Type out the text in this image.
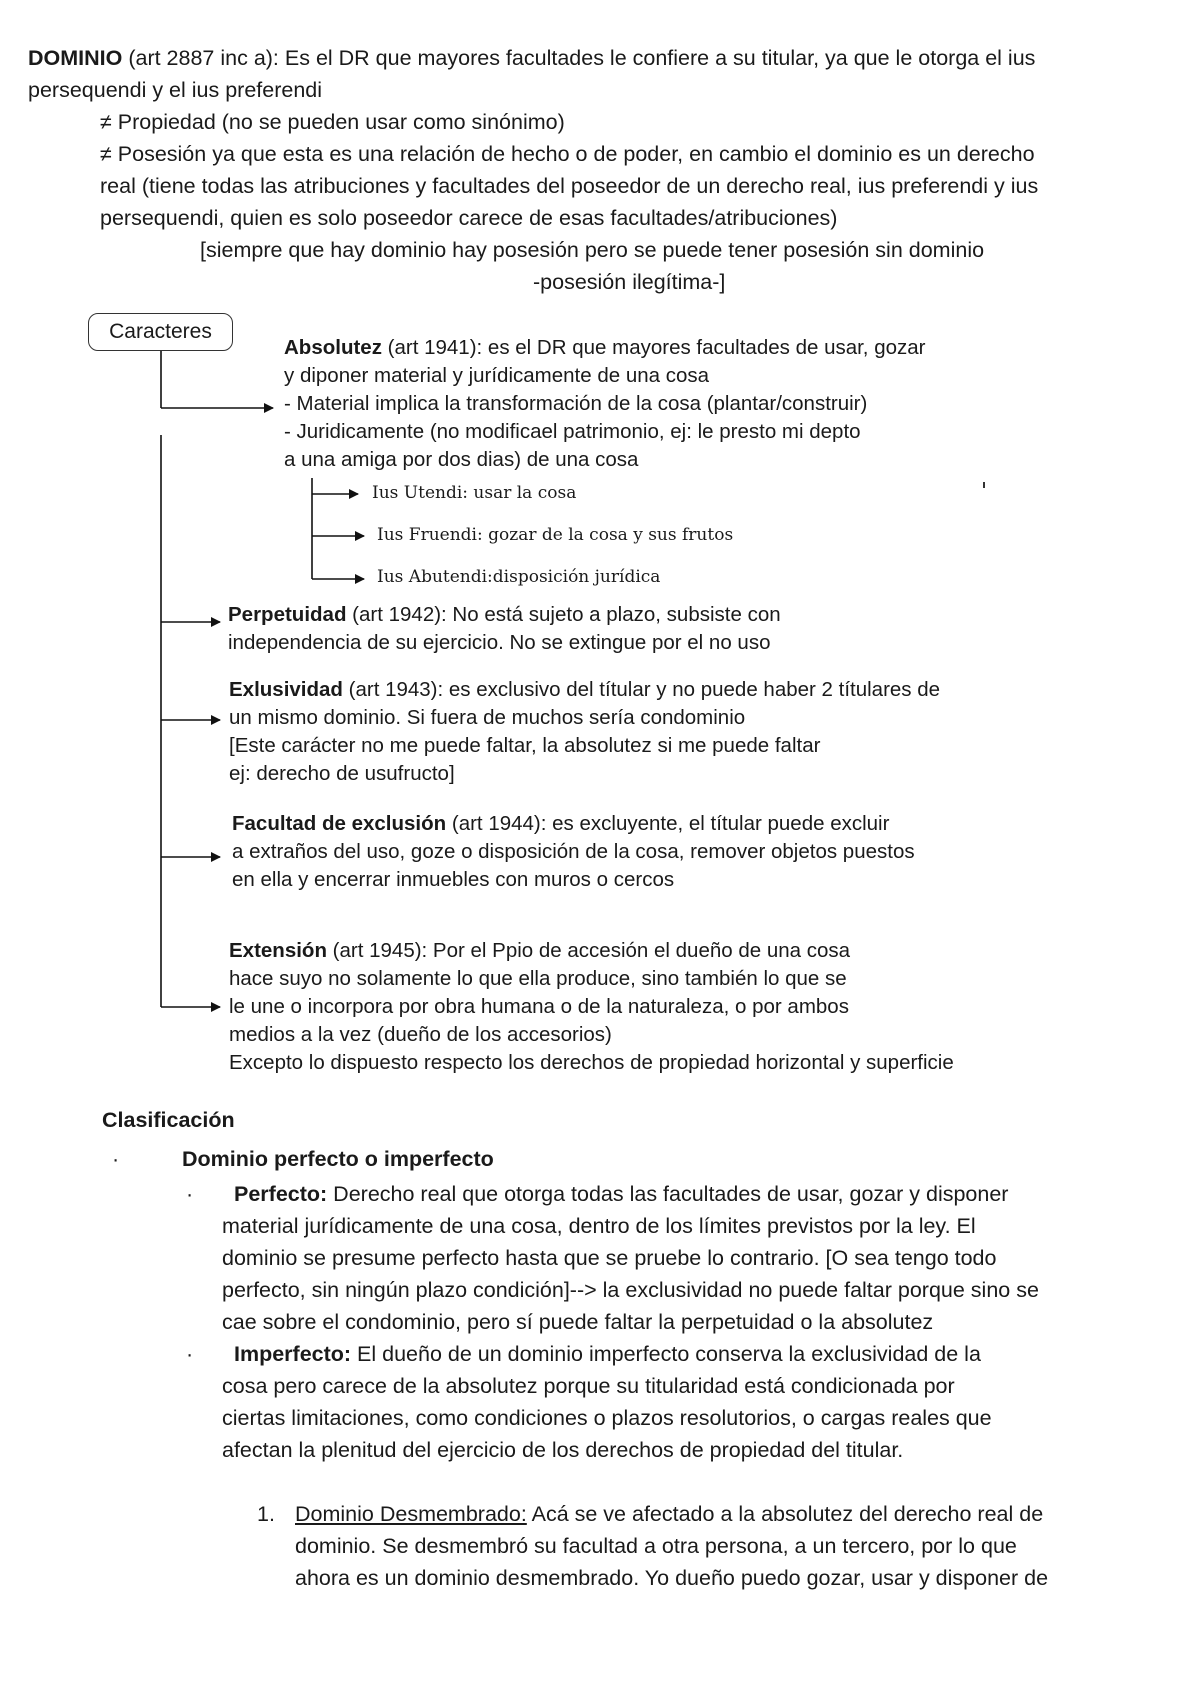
DOMINIO (art 2887 inc a): Es el DR que mayores facultades le confiere a su titular, ya que le otorga el ius
persequendi y el ius preferendi
≠ Propiedad (no se pueden usar como sinónimo)
≠ Posesión ya que esta es una relación de hecho o de poder, en cambio el dominio es un derecho
real (tiene todas las atribuciones y facultades del poseedor de un derecho real, ius preferendi y ius
persequendi, quien es solo poseedor carece de esas facultades/atribuciones)
[siempre que hay dominio hay posesión pero se puede tener posesión sin dominio
-posesión ilegítima-]
Caracteres
Absolutez (art 1941): es el DR que mayores facultades de usar, gozar
y diponer material y jurídicamente de una cosa
- Material implica la transformación de la cosa (plantar/construir)
- Juridicamente (no modificael patrimonio, ej: le presto mi depto
a una amiga por dos dias) de una cosa
Ius Utendi: usar la cosa
Ius Fruendi: gozar de la cosa y sus frutos
Ius Abutendi:disposición jurídica
Perpetuidad (art 1942): No está sujeto a plazo, subsiste con
independencia de su ejercicio. No se extingue por el no uso
Exlusividad (art 1943): es exclusivo del títular y no puede haber 2 títulares de
un mismo dominio. Si fuera de muchos sería condominio
[Este carácter no me puede faltar, la absolutez si me puede faltar
ej: derecho de usufructo]
Facultad de exclusión (art 1944): es excluyente, el títular puede excluir
a extraños del uso, goze o disposición de la cosa, remover objetos puestos
en ella y encerrar inmuebles con muros o cercos
Extensión (art 1945): Por el Ppio de accesión el dueño de una cosa
hace suyo no solamente lo que ella produce, sino también lo que se
le une o incorpora por obra humana o de la naturaleza, o por ambos
medios a la vez (dueño de los accesorios)
Excepto lo dispuesto respecto los derechos de propiedad horizontal y superficie
Clasificación
·	Dominio perfecto o imperfecto
· Perfecto: Derecho real que otorga todas las facultades de usar, gozar y disponer
material jurídicamente de una cosa, dentro de los límites previstos por la ley. El
dominio se presume perfecto hasta que se pruebe lo contrario. [O sea tengo todo
perfecto, sin ningún plazo condición]--> la exclusividad no puede faltar porque sino se
cae sobre el condominio, pero sí puede faltar la perpetuidad o la absolutez
· Imperfecto: El dueño de un dominio imperfecto conserva la exclusividad de la
cosa pero carece de la absolutez porque su titularidad está condicionada por
ciertas limitaciones, como condiciones o plazos resolutorios, o cargas reales que
afectan la plenitud del ejercicio de los derechos de propiedad del titular.
1. Dominio Desmembrado: Acá se ve afectado a la absolutez del derecho real de
dominio. Se desmembró su facultad a otra persona, a un tercero, por lo que
ahora es un dominio desmembrado. Yo dueño puedo gozar, usar y disponer de
